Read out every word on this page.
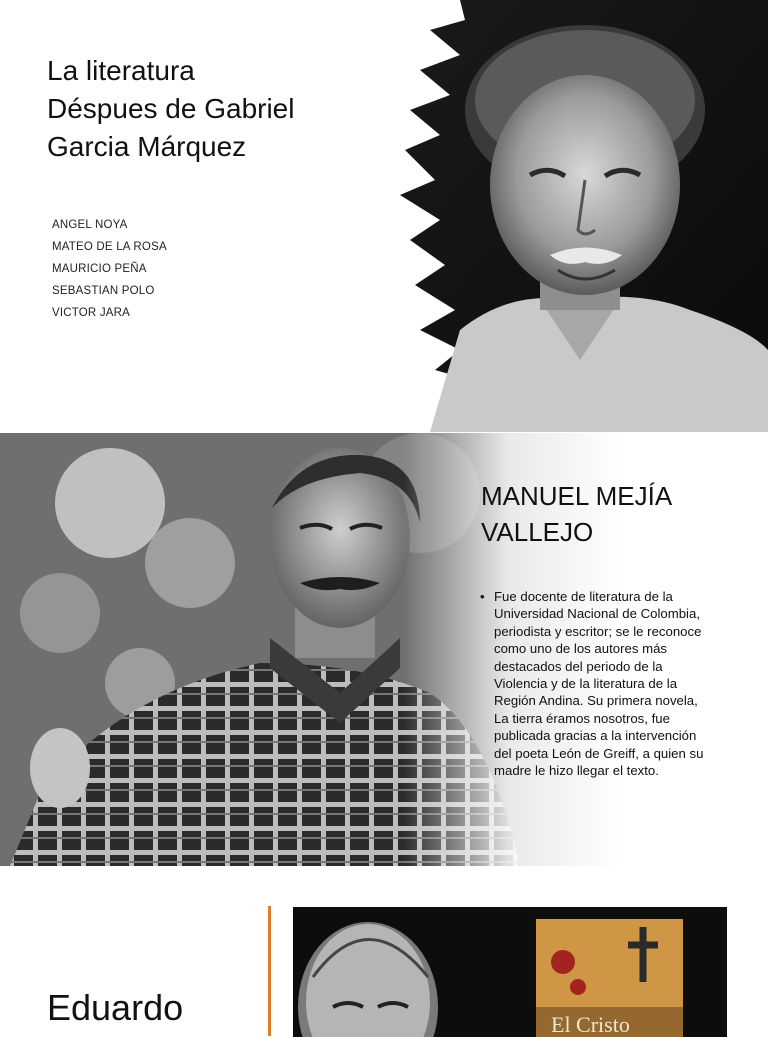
La literatura
Déspues de Gabriel
Garcia Márquez
ANGEL NOYA
MATEO DE LA ROSA
MAURICIO PEÑA
SEBASTIAN POLO
VICTOR JARA
MANUEL MEJÍA
VALLEJO
• Fue docente de literatura de la Universidad Nacional de Colombia, periodista y escritor; se le reconoce como uno de los autores más destacados del periodo de la Violencia y de la literatura de la Región Andina. Su primera novela, La tierra éramos nosotros, fue publicada gracias a la intervención del poeta León de Greiff, a quien su madre le hizo llegar el texto.
Eduardo	El Cristo
